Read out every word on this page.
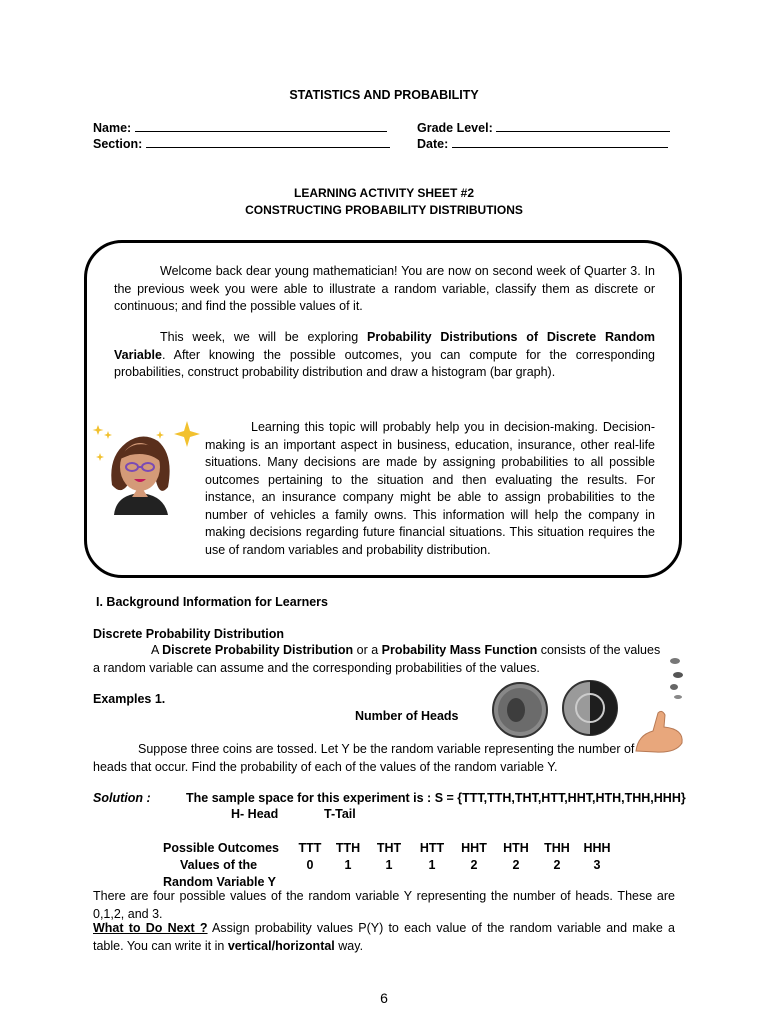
STATISTICS AND PROBABILITY
Name:
Section:
Grade Level:
Date:
LEARNING ACTIVITY SHEET #2
CONSTRUCTING PROBABILITY DISTRIBUTIONS

Welcome back dear young mathematician! You are now on second week of Quarter 3. In the previous week you were able to illustrate a random variable, classify them as discrete or continuous; and find the possible values of it.

This week, we will be exploring Probability Distributions of Discrete Random Variable. After knowing the possible outcomes, you can compute for the corresponding probabilities, construct probability distribution and draw a histogram (bar graph).

Learning this topic will probably help you in decision-making. Decision-making is an important aspect in business, education, insurance, other real-life situations. Many decisions are made by assigning probabilities to all possible outcomes pertaining to the situation and then evaluating the results. For instance, an insurance company might be able to assign probabilities to the number of vehicles a family owns. This information will help the company in making decisions regarding future financial situations. This situation requires the use of random variables and probability distribution.

I. Background Information for Learners
Discrete Probability Distribution

A Discrete Probability Distribution or a Probability Mass Function consists of the values a random variable can assume and the corresponding probabilities of the values.

Examples 1.
Number of Heads

Suppose three coins are tossed. Let Y be the random variable representing the number of heads that occur. Find the probability of each of the values of the random variable Y.

Solution :	The sample space for this experiment is : S = {TTT,TTH,THT,HTT,HHT,HTH,THH,HHH}
H- Head	T-Tail
Possible Outcomes	TTT	TTH	THT	HTT	HHT	HTH	THH	HHH
Values of the	0	1	1	1	2	2	2	3
Random Variable Y								

There are four possible values of the random variable Y representing the number of heads. These are 0,1,2, and 3.

What to Do Next ? Assign probability values P(Y) to each value of the random variable and make a table. You can write it in vertical/horizontal way.

6
